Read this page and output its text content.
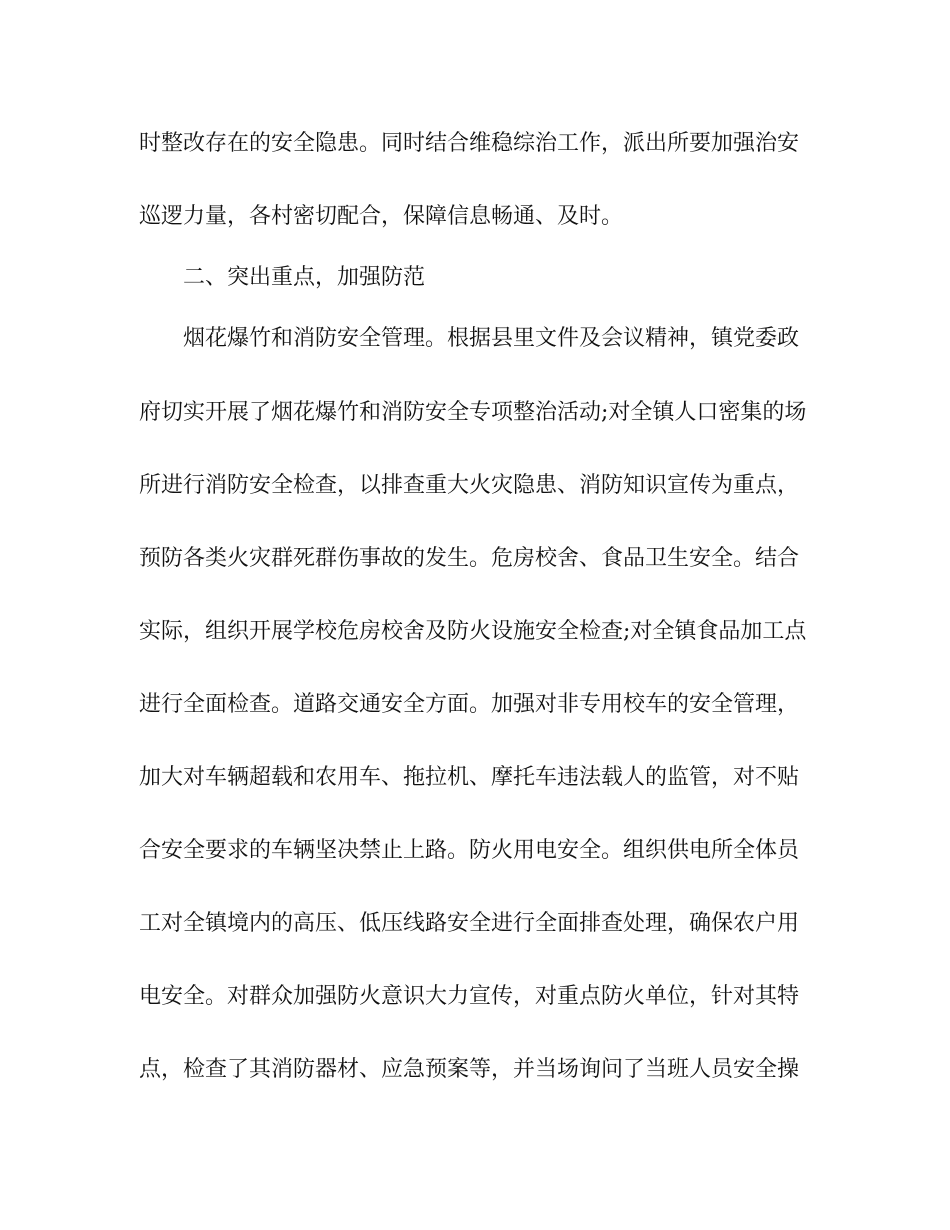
时整改存在的安全隐患。同时结合维稳综治工作，派出所要加强治安
巡逻力量，各村密切配合，保障信息畅通、及时。
二、突出重点，加强防范
烟花爆竹和消防安全管理。根据县里文件及会议精神，镇党委政
府切实开展了烟花爆竹和消防安全专项整治活动;对全镇人口密集的场
所进行消防安全检查，以排查重大火灾隐患、消防知识宣传为重点，
预防各类火灾群死群伤事故的发生。危房校舍、食品卫生安全。结合
实际，组织开展学校危房校舍及防火设施安全检查;对全镇食品加工点
进行全面检查。道路交通安全方面。加强对非专用校车的安全管理，
加大对车辆超载和农用车、拖拉机、摩托车违法载人的监管，对不贴
合安全要求的车辆坚决禁止上路。防火用电安全。组织供电所全体员
工对全镇境内的高压、低压线路安全进行全面排查处理，确保农户用
电安全。对群众加强防火意识大力宣传，对重点防火单位，针对其特
点，检查了其消防器材、应急预案等，并当场询问了当班人员安全操
